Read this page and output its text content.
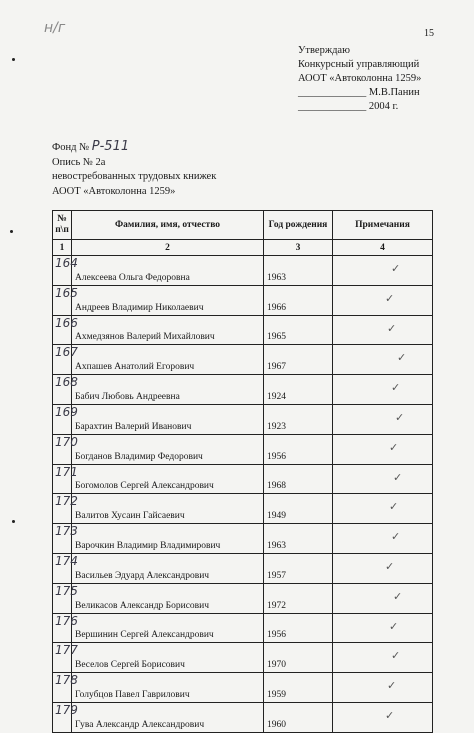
н/г	15
Утверждаю
Конкурсный управляющий
АООТ «Автоколонна 1259»
_____________ М.В.Панин
_____________ 2004 г.
Фонд № Р-511
Опись № 2а
невостребованных трудовых книжек
АООТ «Автоколонна 1259»
№ п\п	Фамилия, имя, отчество	Год рождения	Примечания
1	2	3	4

164	Алексеева Ольга Федоровна	1963	✓

165	Андреев Владимир Николаевич	1966	✓

166	Ахмедзянов Валерий Михайлович	1965	✓

167	Ахпашев Анатолий Егорович	1967	✓

168	Бабич Любовь Андреевна	1924	✓

169	Барахтин Валерий Иванович	1923	✓

170	Богданов Владимир Федорович	1956	✓

171	Богомолов Сергей Александрович	1968	✓

172	Валитов Хусаин Гайсаевич	1949	✓

173	Варочкин Владимир Владимирович	1963	✓

174	Васильев Эдуард Александрович	1957	✓

175	Великасов Александр Борисович	1972	✓

176	Вершинин Сергей Александрович	1956	✓

177	Веселов Сергей Борисович	1970	✓

178	Голубцов Павел Гаврилович	1959	✓

179	Гува Александр Александрович	1960	✓
